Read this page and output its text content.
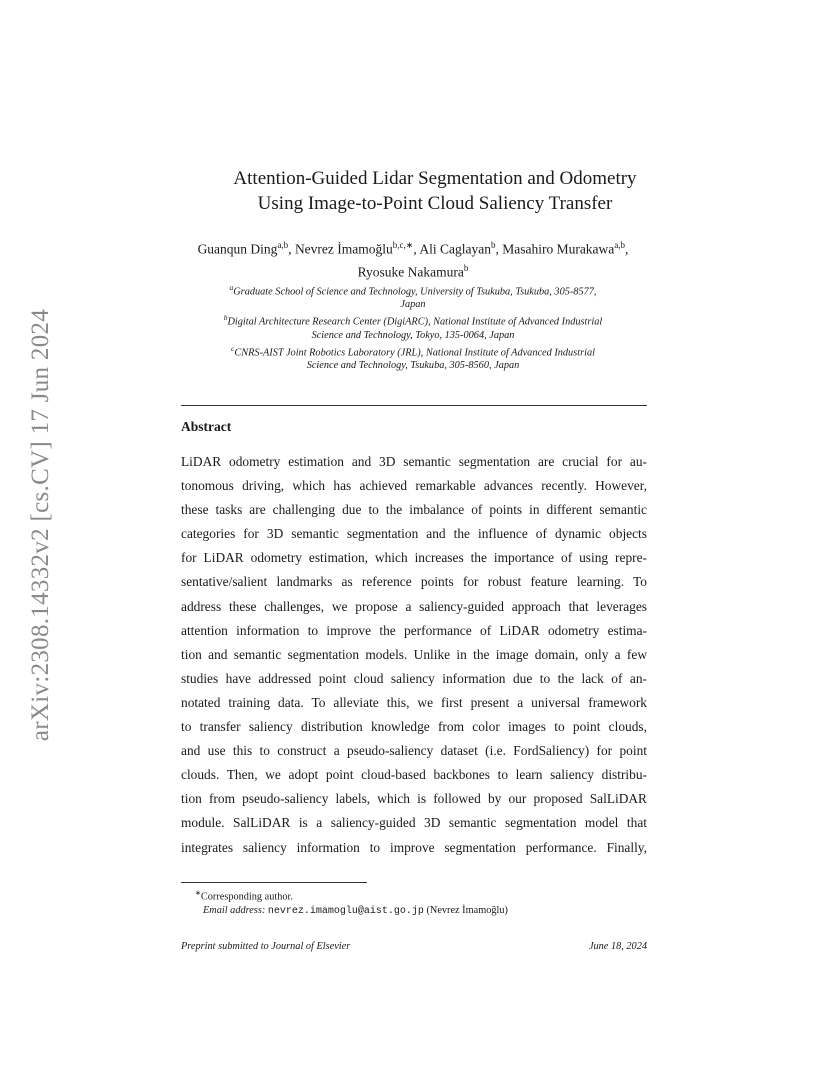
arXiv:2308.14332v2 [cs.CV] 17 Jun 2024
Attention-Guided Lidar Segmentation and Odometry
Using Image-to-Point Cloud Saliency Transfer
Guanqun Ding$^{a,b}$, Nevrez İmamoğlu$^{b,c,∗}$, Ali Caglayan$^b$, Masahiro Murakawa$^{a,b}$, Ryosuke Nakamura$^b$
$^a$Graduate School of Science and Technology, University of Tsukuba, Tsukuba, 305-8577,
Japan
$^b$Digital Architecture Research Center (DigiARC), National Institute of Advanced Industrial
Science and Technology, Tokyo, 135-0064, Japan
$^c$CNRS-AIST Joint Robotics Laboratory (JRL), National Institute of Advanced Industrial
Science and Technology, Tsukuba, 305-8560, Japan
Abstract
LiDAR odometry estimation and 3D semantic segmentation are crucial for au-
tonomous driving, which has achieved remarkable advances recently. However,
these tasks are challenging due to the imbalance of points in different semantic
categories for 3D semantic segmentation and the influence of dynamic objects
for LiDAR odometry estimation, which increases the importance of using repre-
sentative/salient landmarks as reference points for robust feature learning. To
address these challenges, we propose a saliency-guided approach that leverages
attention information to improve the performance of LiDAR odometry estima-
tion and semantic segmentation models. Unlike in the image domain, only a few
studies have addressed point cloud saliency information due to the lack of an-
notated training data. To alleviate this, we first present a universal framework
to transfer saliency distribution knowledge from color images to point clouds,
and use this to construct a pseudo-saliency dataset (i.e. FordSaliency) for point
clouds. Then, we adopt point cloud-based backbones to learn saliency distribu-
tion from pseudo-saliency labels, which is followed by our proposed SalLiDAR
module. SalLiDAR is a saliency-guided 3D semantic segmentation model that
integrates saliency information to improve segmentation performance. Finally,
∗Corresponding author.
Email address: nevrez.imamoglu@aist.go.jp (Nevrez İmamoğlu)
Preprint submitted to Journal of Elsevier	June 18, 2024
